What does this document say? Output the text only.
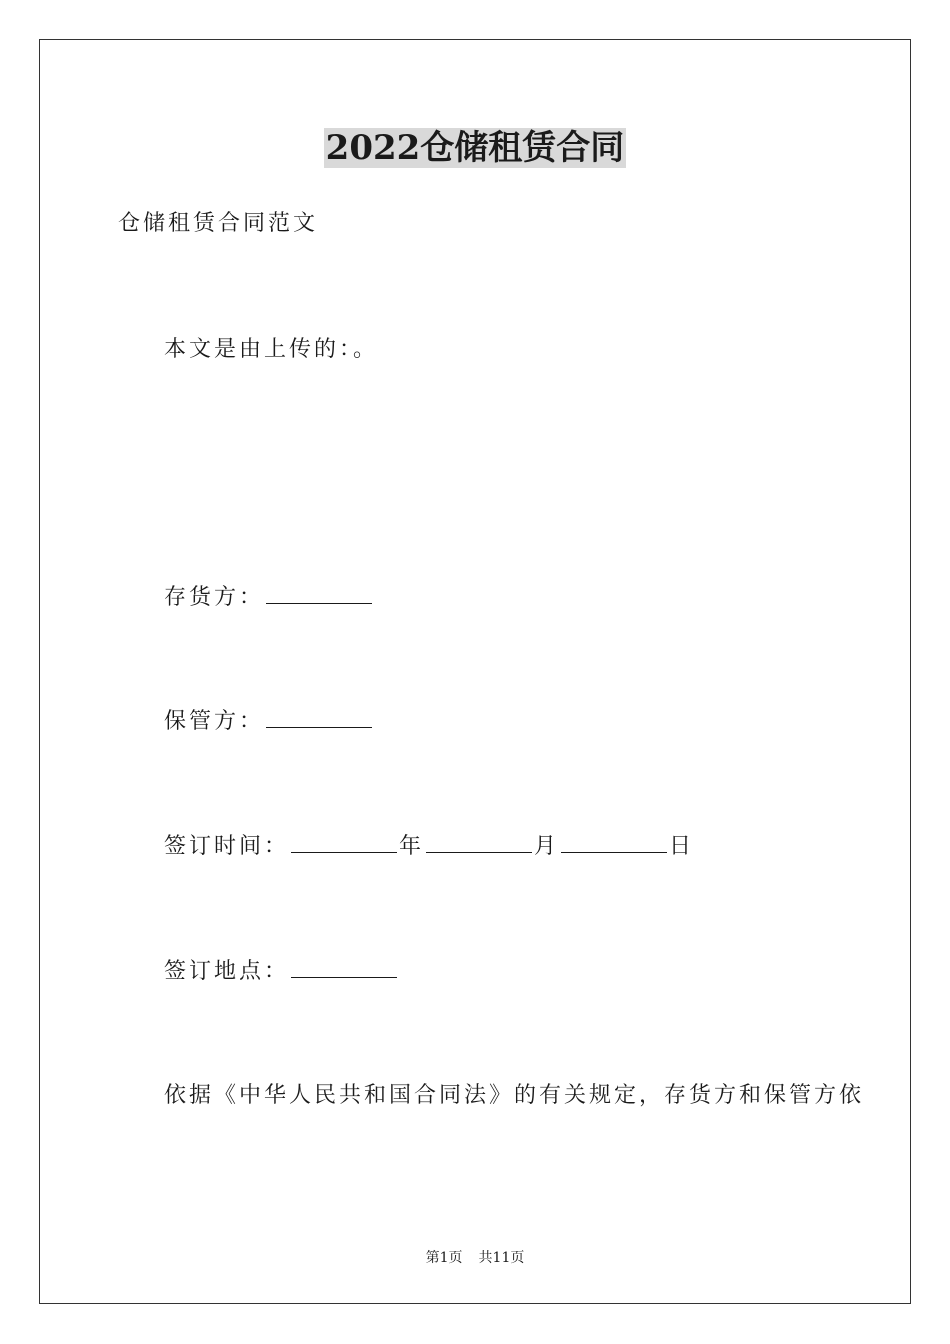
2022仓储租赁合同
仓储租赁合同范文
本文是由上传的：。
存货方：
保管方：
签订时间：	年	月	日
签订地点：
依据《中华人民共和国合同法》的有关规定，存货方和保管方依
第1页 共11页
